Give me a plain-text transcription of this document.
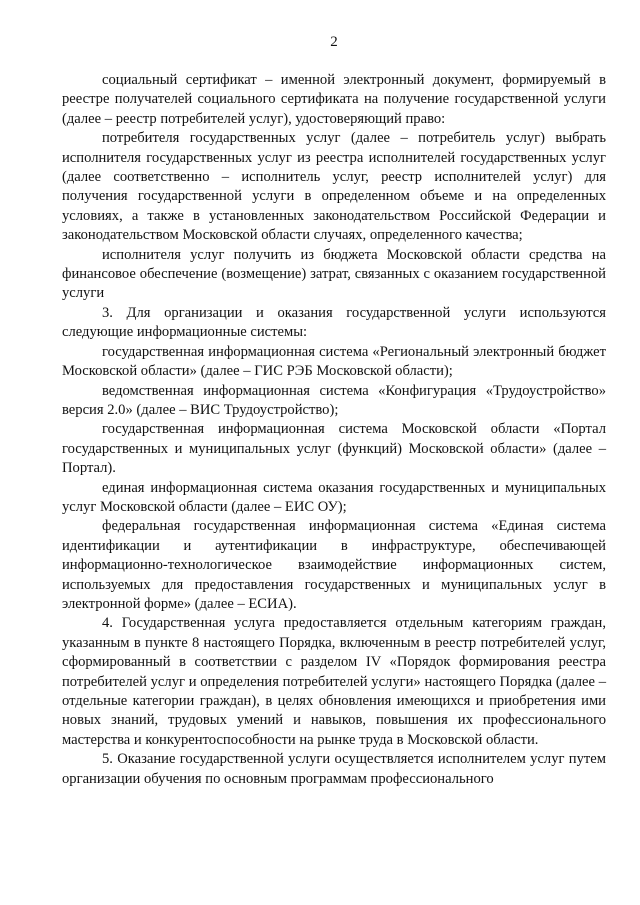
2

социальный сертификат – именной электронный документ, формируемый в реестре получателей социального сертификата на получение государственной услуги (далее – реестр потребителей услуг), удостоверяющий право:

потребителя государственных услуг (далее – потребитель услуг) выбрать исполнителя государственных услуг из реестра исполнителей государственных услуг (далее соответственно – исполнитель услуг, реестр исполнителей услуг) для получения государственной услуги в определенном объеме и на определенных условиях, а также в установленных законодательством Российской Федерации и законодательством Московской области случаях, определенного качества;

исполнителя услуг получить из бюджета Московской области средства на финансовое обеспечение (возмещение) затрат, связанных с оказанием государственной услуги

3. Для организации и оказания государственной услуги используются следующие информационные системы:

государственная информационная система «Региональный электронный бюджет Московской области» (далее – ГИС РЭБ Московской области);

ведомственная информационная система «Конфигурация «Трудоустройство» версия 2.0» (далее – ВИС Трудоустройство);

государственная информационная система Московской области «Портал государственных и муниципальных услуг (функций) Московской области» (далее – Портал).

единая информационная система оказания государственных и муниципальных услуг Московской области (далее – ЕИС ОУ);

федеральная государственная информационная система «Единая система идентификации и аутентификации в инфраструктуре, обеспечивающей информационно-технологическое взаимодействие информационных систем, используемых для предоставления государственных и муниципальных услуг в электронной форме» (далее – ЕСИА).

4. Государственная услуга предоставляется отдельным категориям граждан, указанным в пункте 8 настоящего Порядка, включенным в реестр потребителей услуг, сформированный в соответствии с разделом IV «Порядок формирования реестра потребителей услуг и определения потребителей услуги» настоящего Порядка (далее – отдельные категории граждан), в целях обновления имеющихся и приобретения ими новых знаний, трудовых умений и навыков, повышения их профессионального мастерства и конкурентоспособности на рынке труда в Московской области.

5. Оказание государственной услуги осуществляется исполнителем услуг путем организации обучения по основным программам профессионального
